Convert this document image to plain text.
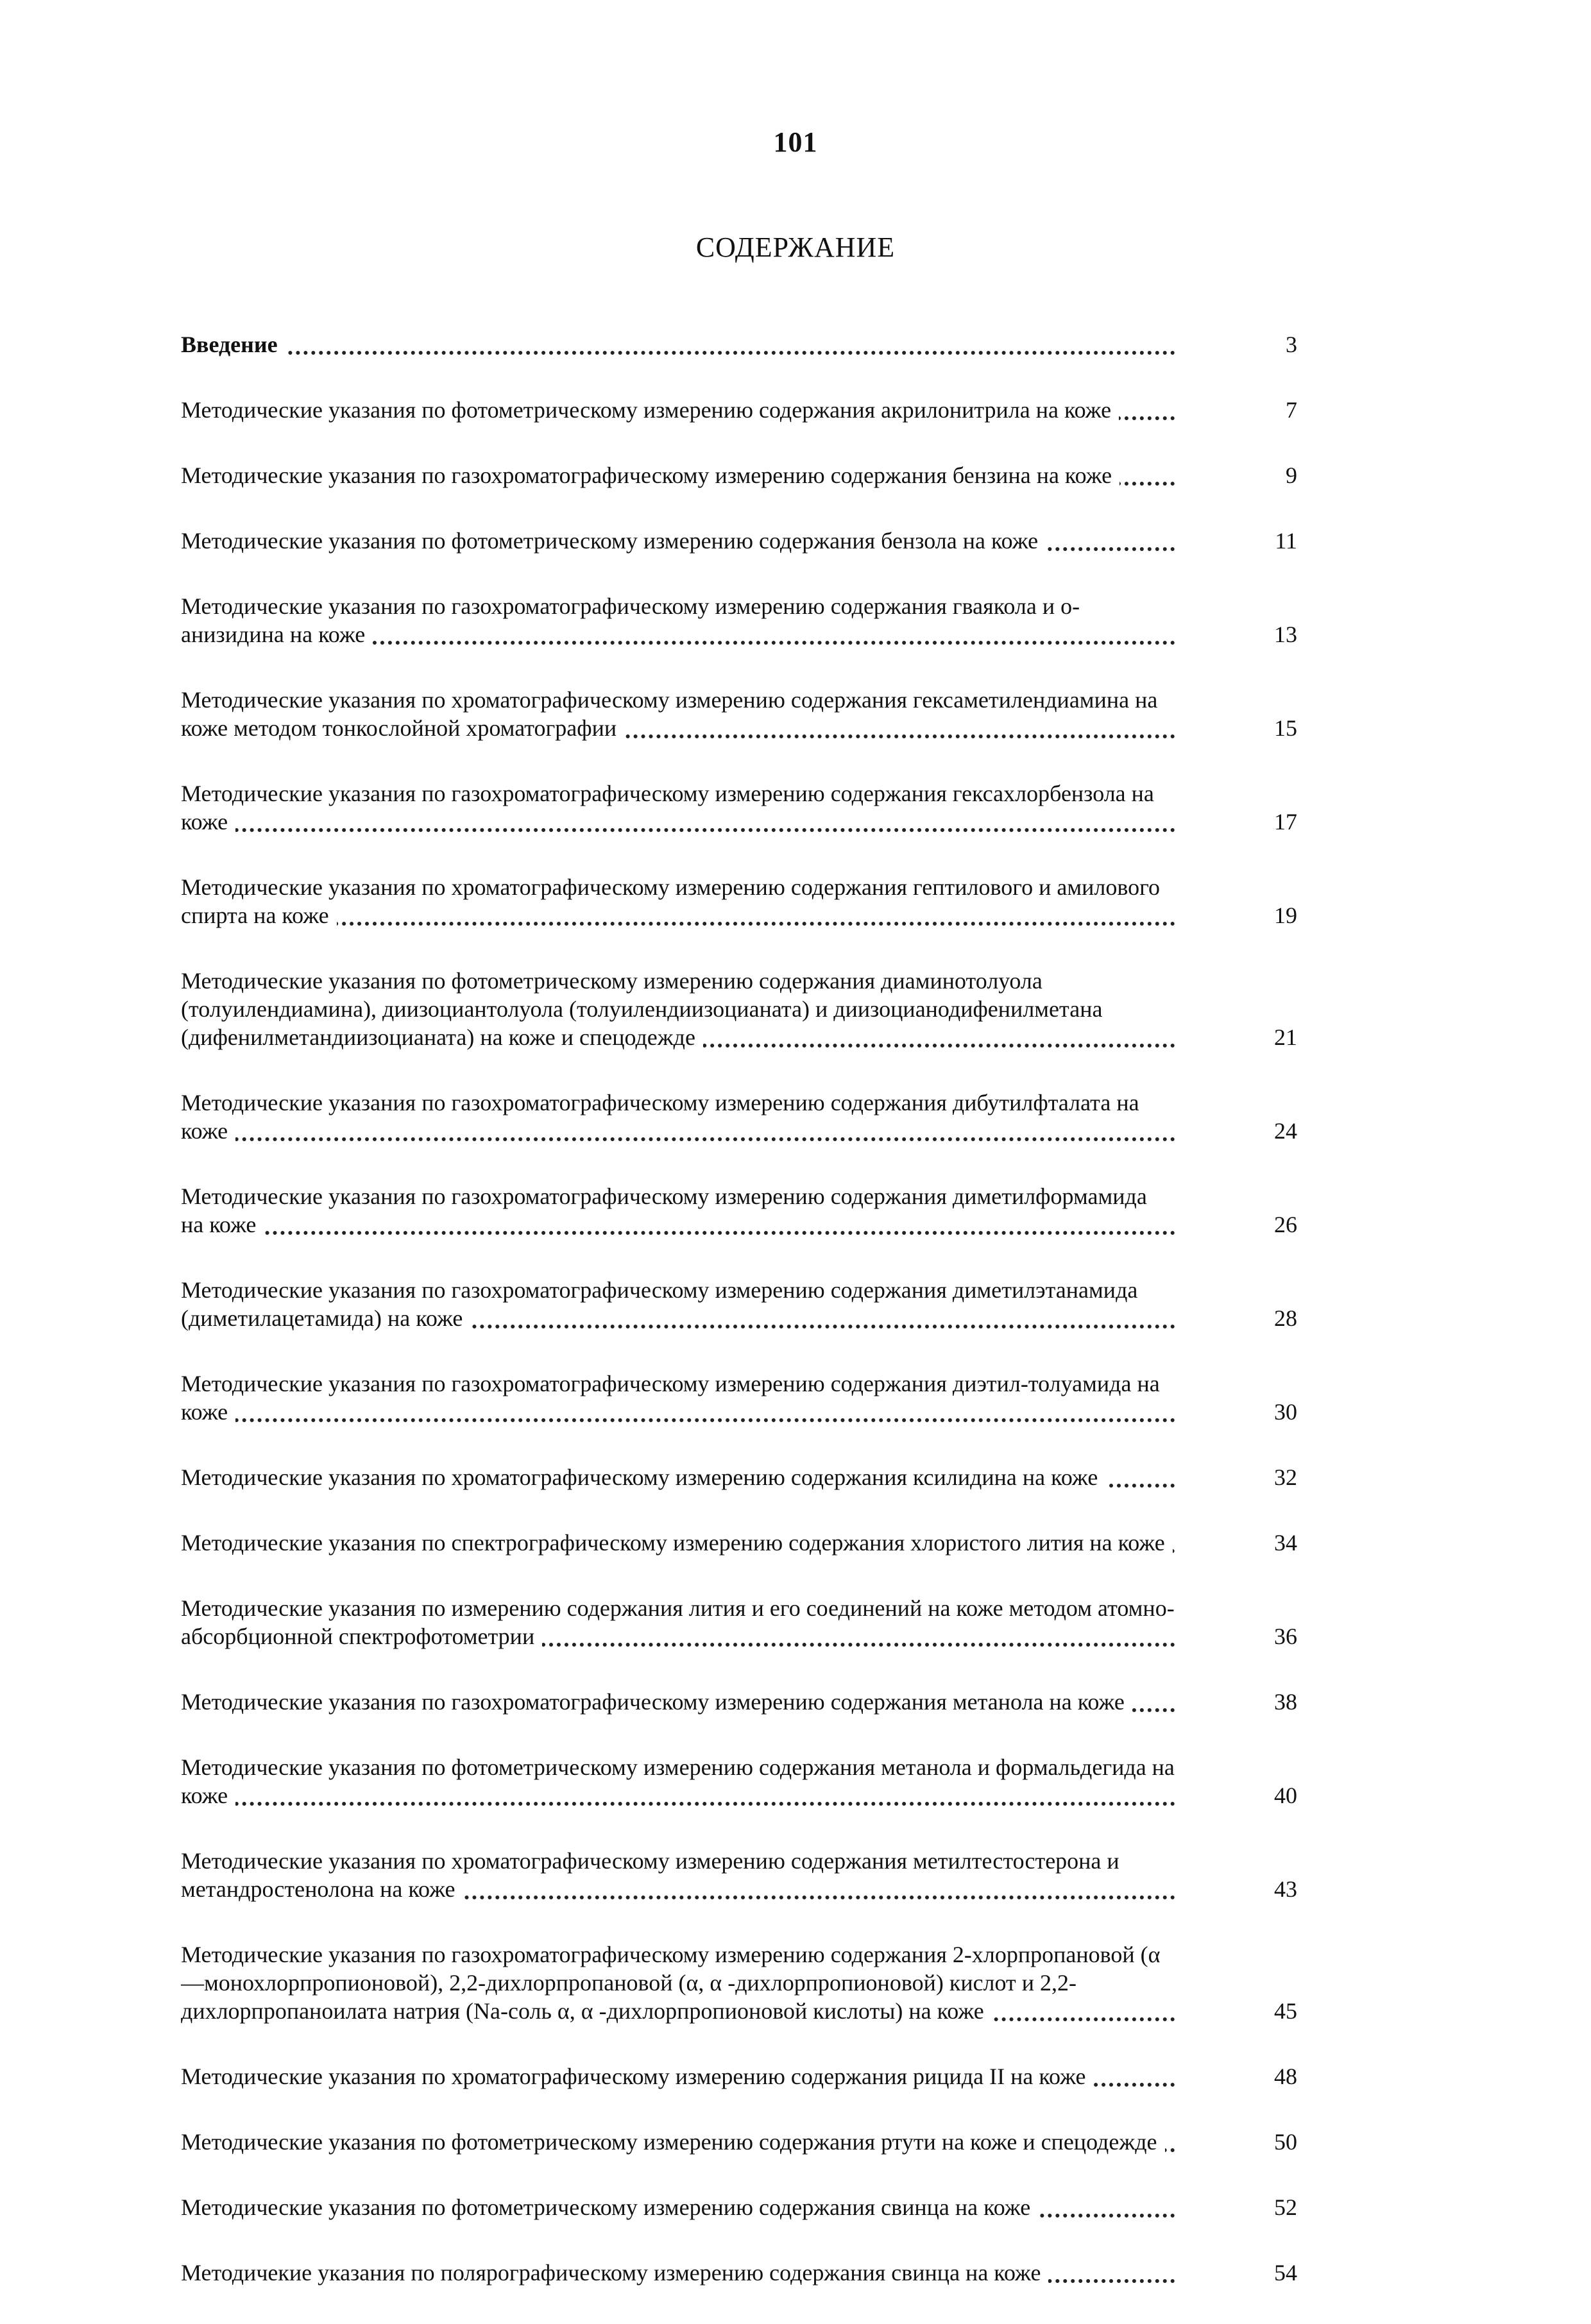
101
СОДЕРЖАНИЕ
Введение	3
Методические указания по фотометрическому измерению содержания акрилонитрила на коже	7
Методические указания по газохроматографическому измерению содержания бензина на коже	9
Методические указания по фотометрическому измерению содержания бензола на коже	11
Методические указания по газохроматографическому измерению содержания гваякола и о-анизидина на коже	13
Методические указания по хроматографическому измерению содержания гексаметилендиамина на коже методом тонкослойной хроматографии	15
Методические указания по газохроматографическому измерению содержания гексахлорбензола на коже	17
Методические указания по хроматографическому измерению содержания гептилового и амилового спирта на коже	19
Методические указания по фотометрическому измерению содержания диаминотолуола (толуилендиамина), диизоциантолуола (толуилендиизоцианата) и диизоцианодифенилметана (дифенилметандиизоцианата) на коже и спецодежде	21
Методические указания по газохроматографическому измерению содержания дибутилфталата на коже	24
Методические указания по газохроматографическому измерению содержания диметилформамида на коже	26
Методические указания по газохроматографическому измерению содержания диметилэтанамида (диметилацетамида) на коже	28
Методические указания по газохроматографическому измерению содержания диэтил-толуамида на коже	30
Методические указания по хроматографическому измерению содержания ксилидина на коже	32
Методические указания по спектрографическому измерению содержания хлористого лития на коже	34
Методические указания по измерению содержания лития и его соединений на коже методом атомно-абсорбционной спектрофотометрии	36
Методические указания по газохроматографическому измерению содержания метанола на коже	38
Методические указания по фотометрическому измерению содержания метанола и формальдегида на коже	40
Методические указания по хроматографическому измерению содержания метилтестостерона и метандростенолона на коже	43
Методические указания по газохроматографическому измерению содержания 2-хлорпропановой (α—монохлорпропионовой), 2,2-дихлорпропановой (α, α -дихлорпропионовой) кислот и 2,2-дихлорпропаноилата натрия (Na-соль α, α -дихлорпропионовой кислоты) на коже	45
Методические указания по хроматографическому измерению содержания рицида II на коже	48
Методические указания по фотометрическому измерению содержания ртути на коже и спецодежде	50
Методические указания по фотометрическому измерению содержания свинца на коже	52
Методичекие указания по полярографическому измерению содержания свинца на коже	54
